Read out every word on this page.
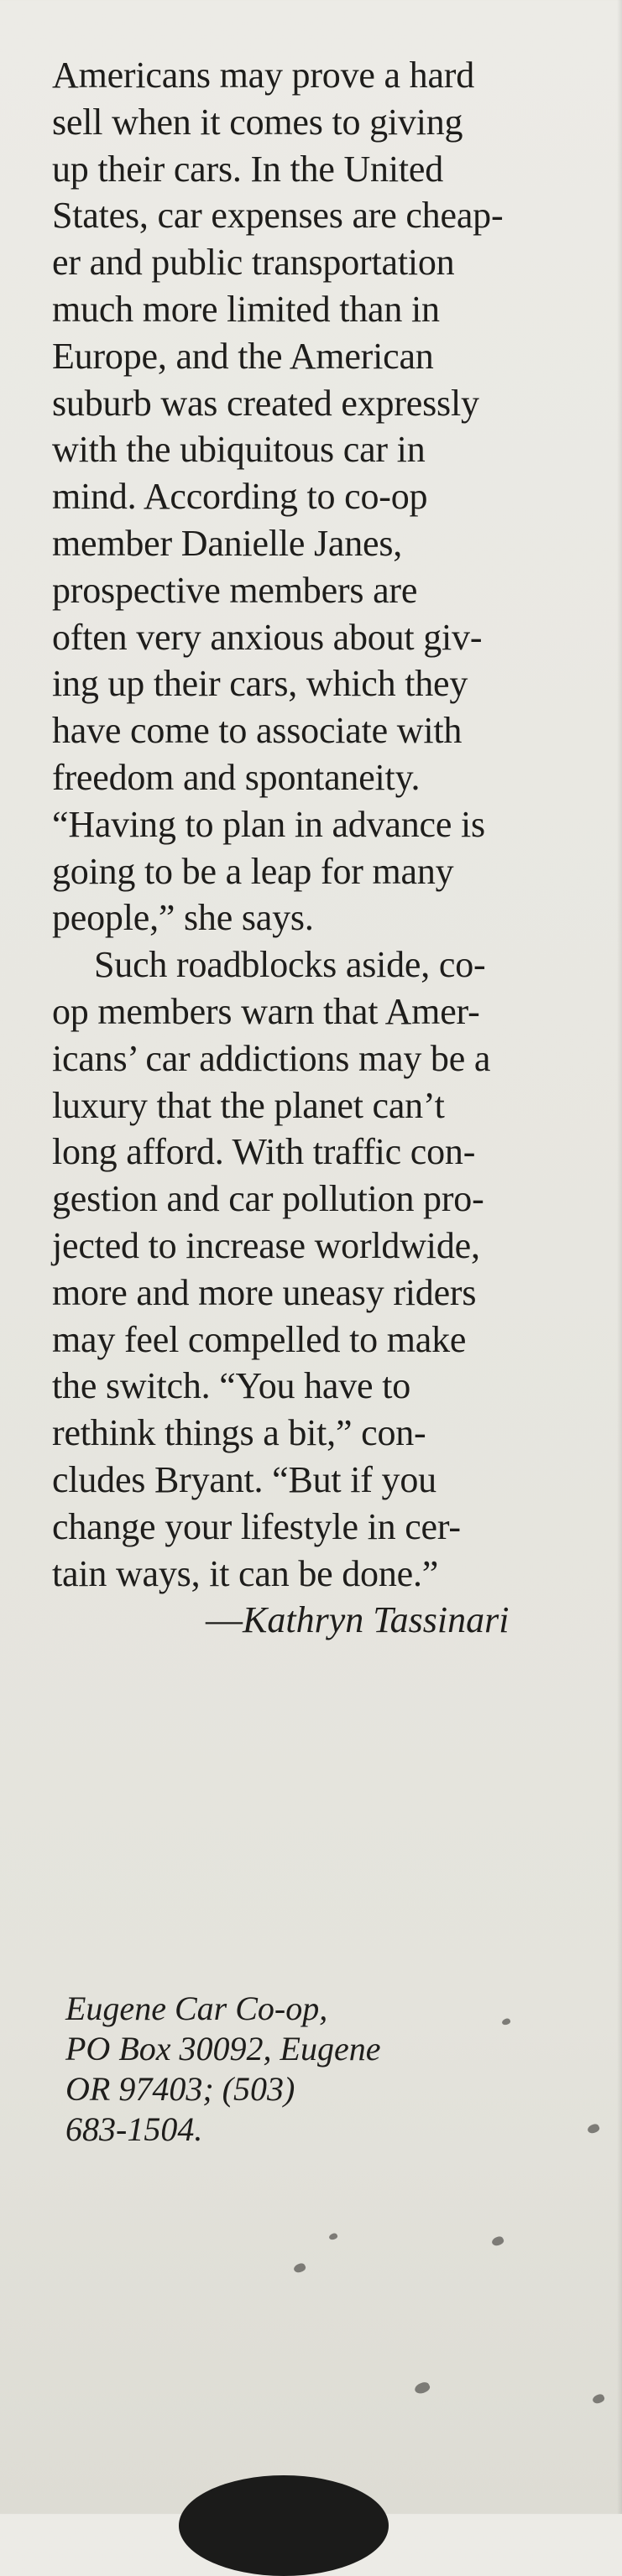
Americans may prove a hard
sell when it comes to giving
up their cars. In the United
States, car expenses are cheap-
er and public transportation
much more limited than in
Europe, and the American
suburb was created expressly
with the ubiquitous car in
mind. According to co-op
member Danielle Janes,
prospective members are
often very anxious about giv-
ing up their cars, which they
have come to associate with
freedom and spontaneity.
“Having to plan in advance is
going to be a leap for many
people,” she says.
Such roadblocks aside, co-
op members warn that Amer-
icans’ car addictions may be a
luxury that the planet can’t
long afford. With traffic con-
gestion and car pollution pro-
jected to increase worldwide,
more and more uneasy riders
may feel compelled to make
the switch. “You have to
rethink things a bit,” con-
cludes Bryant. “But if you
change your lifestyle in cer-
tain ways, it can be done.”
—Kathryn Tassinari
Eugene Car Co-op,
PO Box 30092, Eugene
OR 97403; (503)
683-1504.
